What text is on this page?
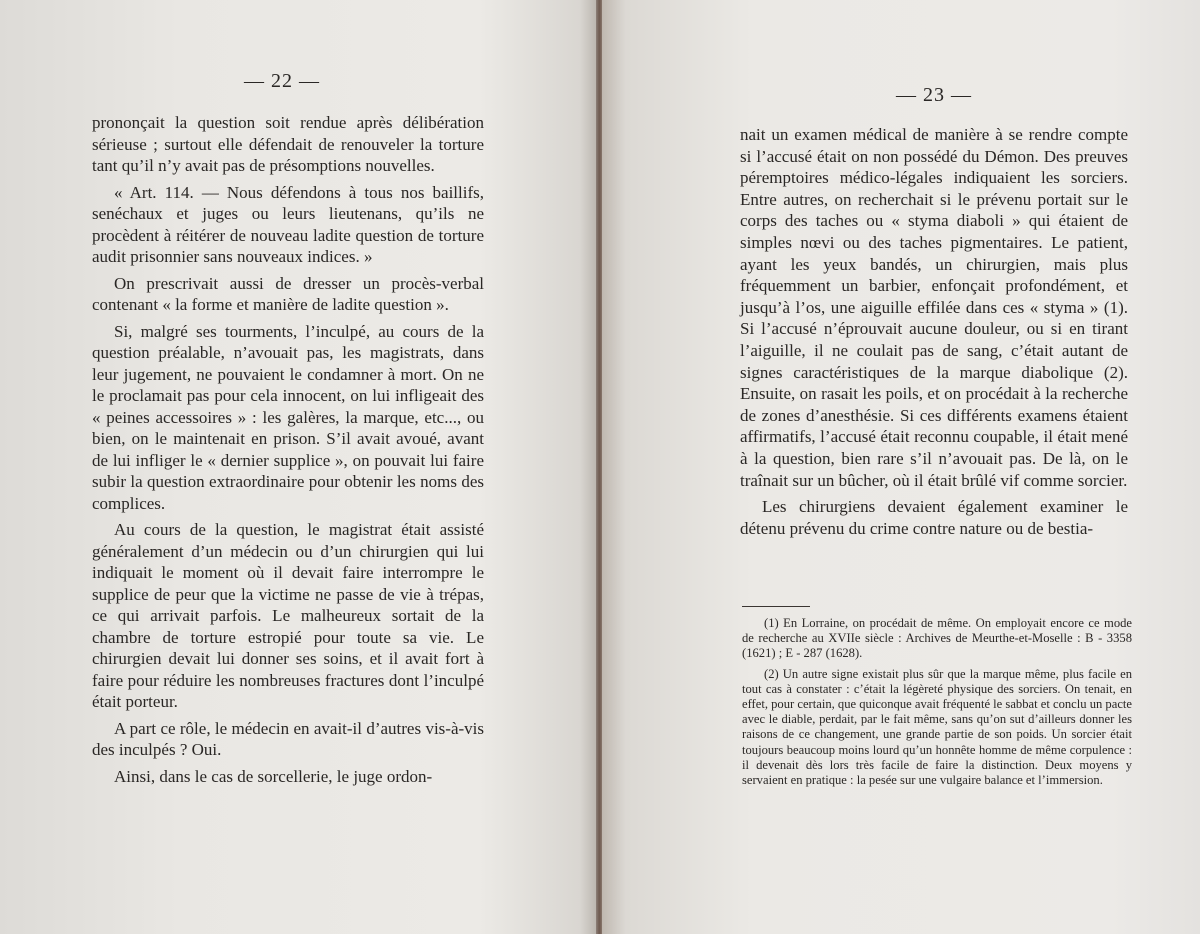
— 22 —

prononçait la question soit rendue après délibération sérieuse ; surtout elle défendait de renouveler la torture tant qu’il n’y avait pas de présomptions nouvelles.

« Art. 114. — Nous défendons à tous nos baillifs, senéchaux et juges ou leurs lieutenans, qu’ils ne procèdent à réitérer de nouveau ladite question de torture audit prisonnier sans nouveaux indices. »

On prescrivait aussi de dresser un procès-verbal contenant « la forme et manière de ladite question ».

Si, malgré ses tourments, l’inculpé, au cours de la question préalable, n’avouait pas, les magistrats, dans leur jugement, ne pouvaient le condamner à mort. On ne le proclamait pas pour cela innocent, on lui infligeait des « peines accessoires » : les galères, la marque, etc..., ou bien, on le maintenait en prison. S’il avait avoué, avant de lui infliger le « dernier supplice », on pouvait lui faire subir la question extraordinaire pour obtenir les noms des complices.

Au cours de la question, le magistrat était assisté généralement d’un médecin ou d’un chirurgien qui lui indiquait le moment où il devait faire interrompre le supplice de peur que la victime ne passe de vie à trépas, ce qui arrivait parfois. Le malheureux sortait de la chambre de torture estropié pour toute sa vie. Le chirurgien devait lui donner ses soins, et il avait fort à faire pour réduire les nombreuses fractures dont l’inculpé était porteur.

A part ce rôle, le médecin en avait-il d’autres vis-à-vis des inculpés ? Oui.

Ainsi, dans le cas de sorcellerie, le juge ordon-

— 23 —

nait un examen médical de manière à se rendre compte si l’accusé était on non possédé du Démon. Des preuves péremptoires médico-légales indiquaient les sorciers. Entre autres, on recherchait si le prévenu portait sur le corps des taches ou « styma diaboli » qui étaient de simples nœvi ou des taches pigmentaires. Le patient, ayant les yeux bandés, un chirurgien, mais plus fréquemment un barbier, enfonçait profondément, et jusqu’à l’os, une aiguille effilée dans ces « styma » (1). Si l’accusé n’éprouvait aucune douleur, ou si en tirant l’aiguille, il ne coulait pas de sang, c’était autant de signes caractéristiques de la marque diabolique (2). Ensuite, on rasait les poils, et on procédait à la recherche de zones d’anesthésie. Si ces différents examens étaient affirmatifs, l’accusé était reconnu coupable, il était mené à la question, bien rare s’il n’avouait pas. De là, on le traînait sur un bûcher, où il était brûlé vif comme sorcier.

Les chirurgiens devaient également examiner le détenu prévenu du crime contre nature ou de bestia-

(1) En Lorraine, on procédait de même. On employait encore ce mode de recherche au XVIIe siècle : Archives de Meurthe-et-Moselle : B - 3358 (1621) ; E - 287 (1628).

(2) Un autre signe existait plus sûr que la marque même, plus facile en tout cas à constater : c’était la légèreté physique des sorciers. On tenait, en effet, pour certain, que quiconque avait fréquenté le sabbat et conclu un pacte avec le diable, perdait, par le fait même, sans qu’on sut d’ailleurs donner les raisons de ce changement, une grande partie de son poids. Un sorcier était toujours beaucoup moins lourd qu’un honnête homme de même corpulence : il devenait dès lors très facile de faire la distinction. Deux moyens y servaient en pratique : la pesée sur une vulgaire balance et l’immersion.
